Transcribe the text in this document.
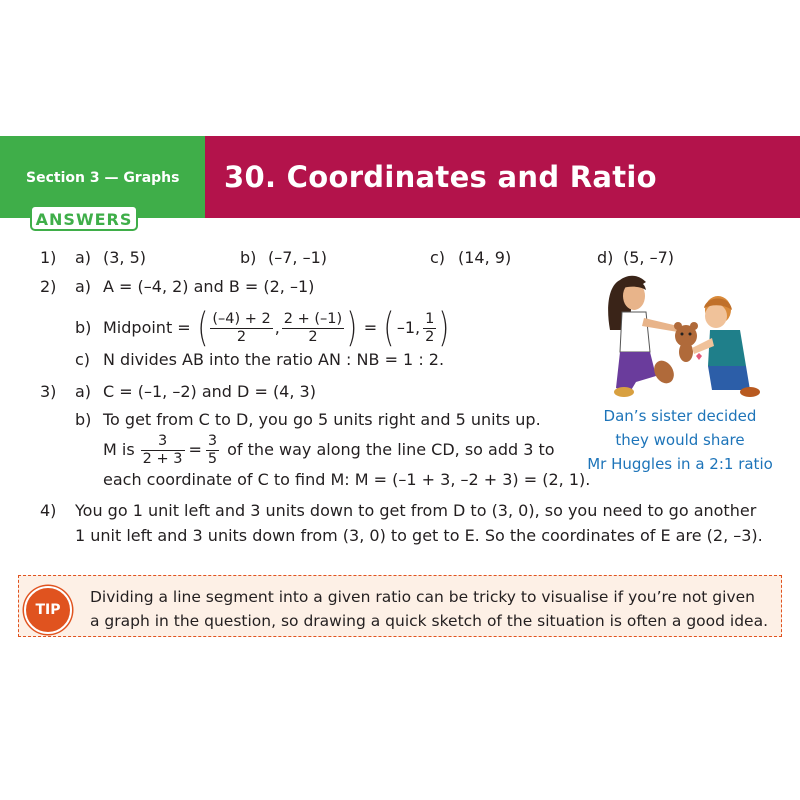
Section 3 — Graphs 30. Coordinates and Ratio
ANSWERS
1) a) (3, 5)	b) (–7, –1)	c) (14, 9)	d) (5, –7)
2) a) A = (–4, 2) and B = (2, –1)
b) Midpoint = ( $\frac{(-4) + 2}{2}$ , $\frac{2 + (-1)}{2}$ ) = ( –1, $\frac{1}{2}$ )
c) N divides AB into the ratio AN : NB = 1 : 2.
3) a) C = (–1, –2) and D = (4, 3)
b) To get from C to D, you go 5 units right and 5 units up.
M is $\frac{3}{2 + 3} = \frac{3}{5}$ of the way along the line CD, so add 3 to
each coordinate of C to find M: M = (–1 + 3, –2 + 3) = (2, 1).
4) You go 1 unit left and 3 units down to get from D to (3, 0), so you need to go another
1 unit left and 3 units down from (3, 0) to get to E. So the coordinates of E are (2, –3).
Dan’s sister decided
they would share
Mr Huggles in a 2:1 ratio
TIP
Dividing a line segment into a given ratio can be tricky to visualise if you’re not given
a graph in the question, so drawing a quick sketch of the situation is often a good idea.
